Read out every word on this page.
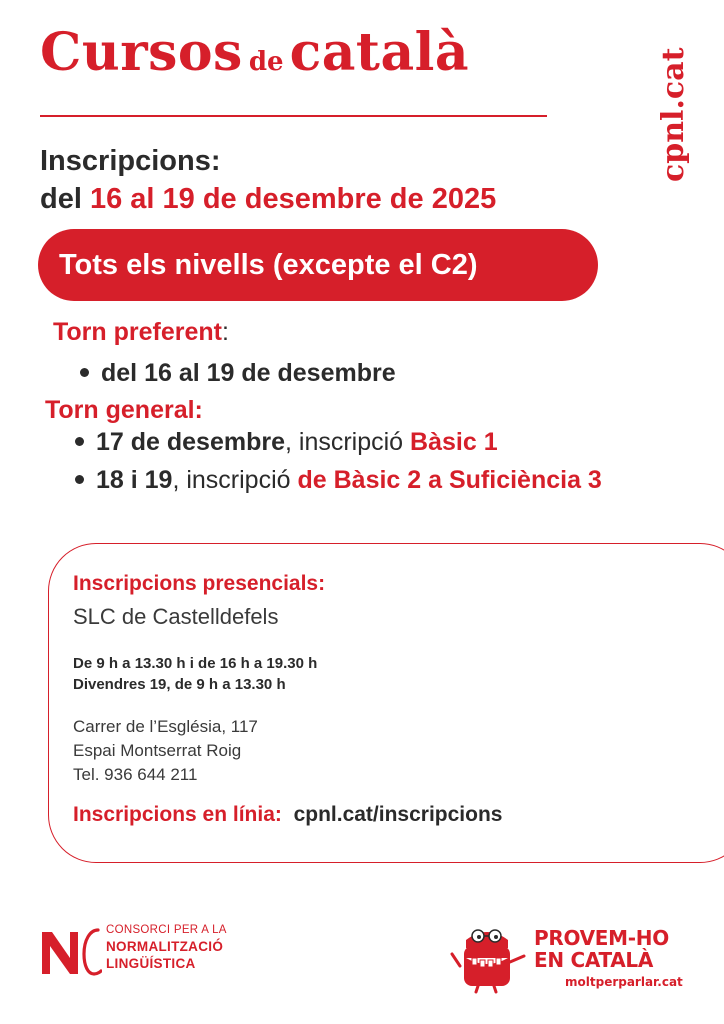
Cursos de català	cpnl.cat
Inscripcions:
del 16 al 19 de desembre de 2025
Tots els nivells (excepte el C2)
Torn preferent:
del 16 al 19 de desembre
Torn general:
17 de desembre, inscripció Bàsic 1
18 i 19, inscripció de Bàsic 2 a Suficiència 3
Inscripcions presencials:
SLC de Castelldefels
De 9 h a 13.30 h i de 16 h a 19.30 h
Divendres 19, de 9 h a 13.30 h
Carrer de l’Església, 117
Espai Montserrat Roig
Tel. 936 644 211
Inscripcions en línia: cpnl.cat/inscripcions
CONSORCI PER A LA
NORMALITZACIÓ
LINGÜÍSTICA
PROVEM-HO
EN CATALÀ
moltperparlar.cat
